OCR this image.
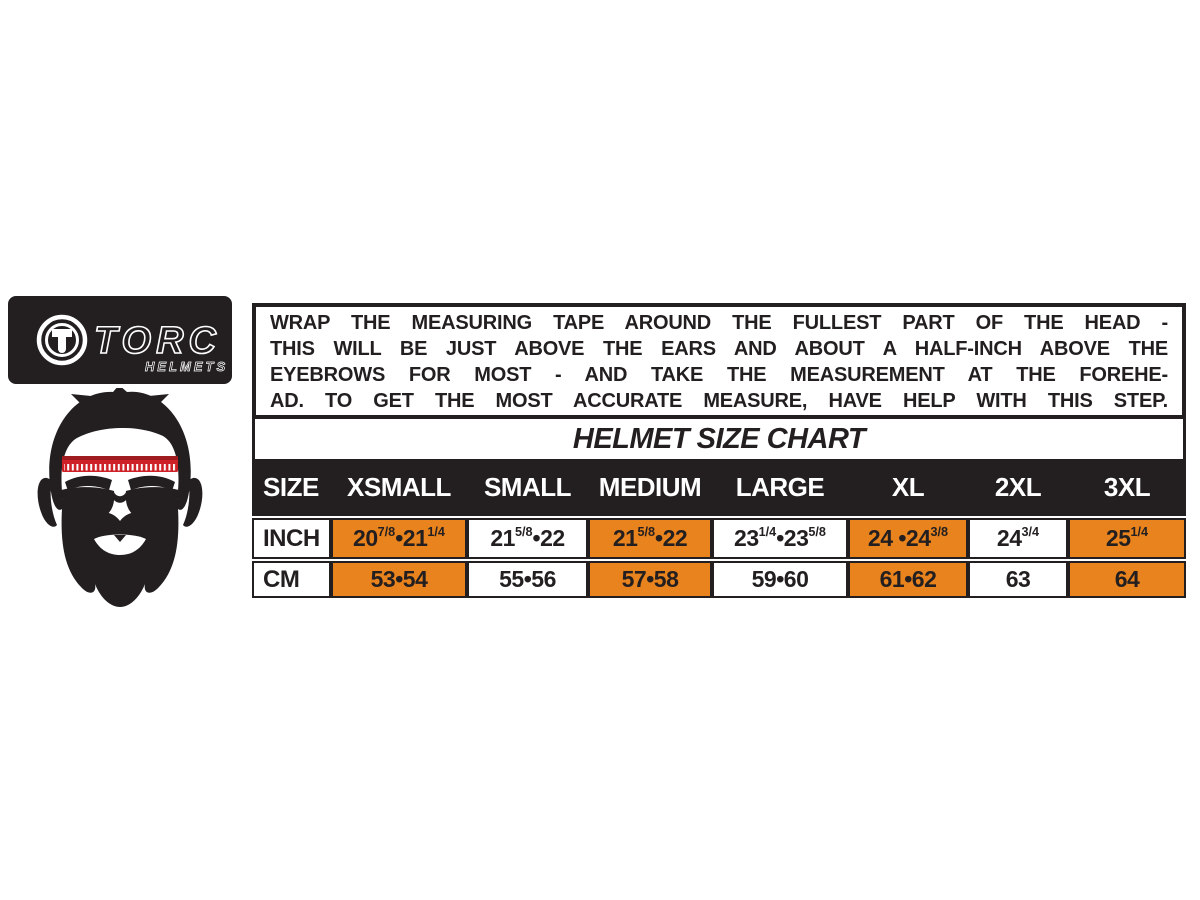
TORC
HELMETS
WRAP THE MEASURING TAPE AROUND THE FULLEST PART OF THE HEAD -
THIS WILL BE JUST ABOVE THE EARS AND ABOUT A HALF-INCH ABOVE THE
EYEBROWS FOR MOST - AND TAKE THE MEASUREMENT AT THE FOREHE-
AD. TO GET THE MOST ACCURATE MEASURE, HAVE HELP WITH THIS STEP.
HELMET SIZE CHART
SIZE	XSMALL	SMALL	MEDIUM	LARGE	XL	2XL	3XL
INCH	$20^{7/8}$ $•21^{1/4}$	$21^{5/8}$ •22	$21^{5/8}$ •22	$23^{1/4}$ $•23^{5/8}$	24 $•24^{3/8}$	$24^{3/4}$	$25^{1/4}$
CM	53•54	55•56	57•58	59•60	61•62	63	64
